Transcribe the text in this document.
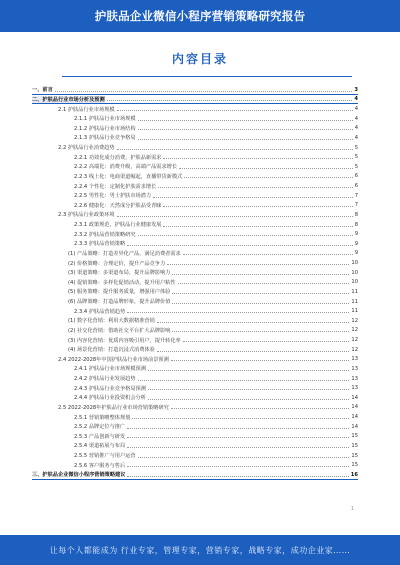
护肤品企业微信小程序营销策略研究报告
内容目录
一、前言	3
二、护肤品行业市场分析及预测	4
2.1 护肤品行业市场规模	4
2.1.1 护肤品行业市场规模	4
2.1.2 护肤品行业市场结构	4
2.1.3 护肤品行业竞争格局	4
2.2 护肤品行业消费趋势	5
2.2.1 功效化成分消费，护肤品新需求	5
2.2.2 高端化：消费升级，高端产品需求增长	5
2.2.3 线上化：电商渠道崛起，直播带货新模式	6
2.2.4 个性化：定制化护肤需求增长	6
2.2.5 男性化：男士护肤市场潜力	7
2.2.6 健康化：天然成分护肤品受青睐	7
2.3 护肤品行业政策环境	8
2.3.1 政策规范，护肤品行业健康发展	8
2.3.2 护肤品营销策略研究	9
2.3.3 护肤品营销策略	9
(1) 产品策略：打造差异化产品，满足消费者需求	9
(2) 价格策略：合理定价，提升产品竞争力	10
(3) 渠道策略：多渠道布局，提升品牌影响力	10
(4) 促销策略：多样化促销活动，提升用户粘性	10
(5) 服务策略：提升服务质量，增强用户体验	11
(6) 品牌策略：打造品牌形象，提升品牌价值	11
2.3.4 护肤品营销趋势	11
(1) 数字化营销：利用大数据精准营销	12
(2) 社交化营销：借助社交平台扩大品牌影响	12
(3) 内容化营销：优质内容吸引用户，提升转化率	12
(4) 场景化营销：打造沉浸式消费体验	12
2.4 2022-2028年中国护肤品行业市场前景预测	13
2.4.1 护肤品行业市场规模预测	13
2.4.2 护肤品行业发展趋势	13
2.4.3 护肤品行业竞争格局预测	13
2.4.4 护肤品行业投资机会分析	14
2.5 2022-2028年护肤品行业市场营销策略研究	14
2.5.1 营销策略整体规划	14
2.5.2 品牌定位与推广	14
2.5.3 产品创新与研发	15
2.5.4 渠道拓展与布局	15
2.5.5 营销推广与用户运营	15
2.5.6 客户服务与售后	15
三、护肤品企业微信小程序营销策略建议	16
1
让每个人都能成为 行业专家，管理专家，营销专家，战略专家，成功企业家……
